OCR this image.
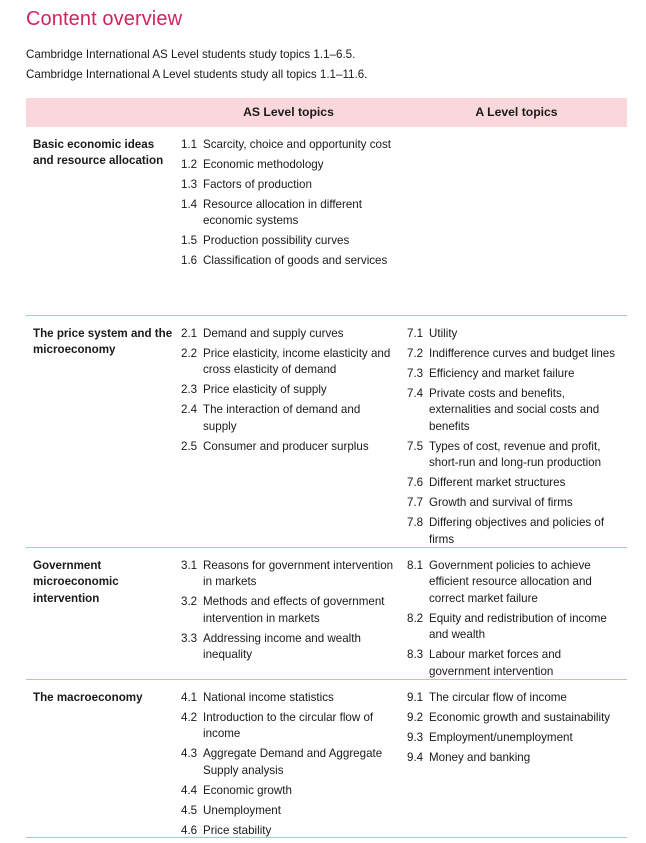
Content overview
Cambridge International AS Level students study topics 1.1–6.5.
Cambridge International A Level students study all topics 1.1–11.6.
AS Level topics	A Level topics
Basic economic ideas and resource allocation
1.1 Scarcity, choice and opportunity cost
1.2 Economic methodology
1.3 Factors of production
1.4 Resource allocation in different economic systems
1.5 Production possibility curves
1.6 Classification of goods and services
The price system and the microeconomy
2.1 Demand and supply curves
2.2 Price elasticity, income elasticity and cross elasticity of demand
2.3 Price elasticity of supply
2.4 The interaction of demand and supply
2.5 Consumer and producer surplus
7.1 Utility
7.2 Indifference curves and budget lines
7.3 Efficiency and market failure
7.4 Private costs and benefits, externalities and social costs and benefits
7.5 Types of cost, revenue and profit, short-run and long-run production
7.6 Different market structures
7.7 Growth and survival of firms
7.8 Differing objectives and policies of firms
Government microeconomic intervention
3.1 Reasons for government intervention in markets
3.2 Methods and effects of government intervention in markets
3.3 Addressing income and wealth inequality
8.1 Government policies to achieve efficient resource allocation and correct market failure
8.2 Equity and redistribution of income and wealth
8.3 Labour market forces and government intervention
The macroeconomy	4.1 National income statistics
4.2 Introduction to the circular flow of income
4.3 Aggregate Demand and Aggregate Supply analysis
4.4 Economic growth
4.5 Unemployment
4.6 Price stability
9.1 The circular flow of income
9.2 Economic growth and sustainability
9.3 Employment/unemployment
9.4 Money and banking
